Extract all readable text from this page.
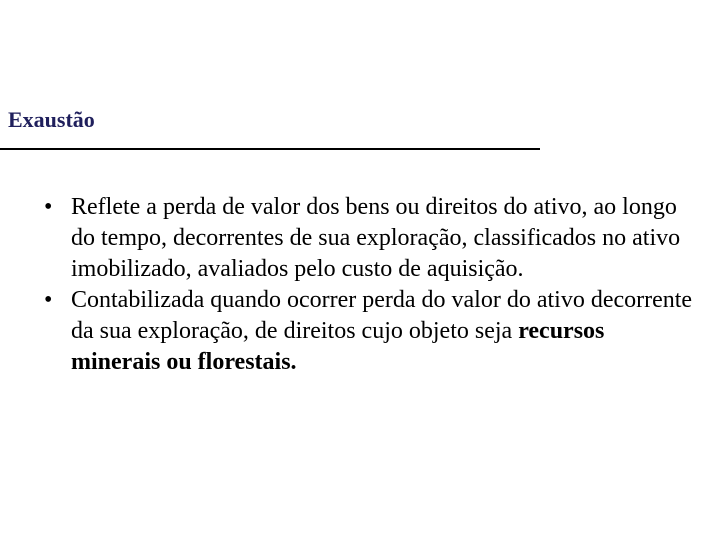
Exaustão
• Reflete a perda de valor dos bens ou direitos do ativo, ao longo do tempo, decorrentes de sua exploração, classificados no ativo imobilizado, avaliados pelo custo de aquisição.
• Contabilizada quando ocorrer perda do valor do ativo decorrente da sua exploração, de direitos cujo objeto seja recursos minerais ou florestais.
